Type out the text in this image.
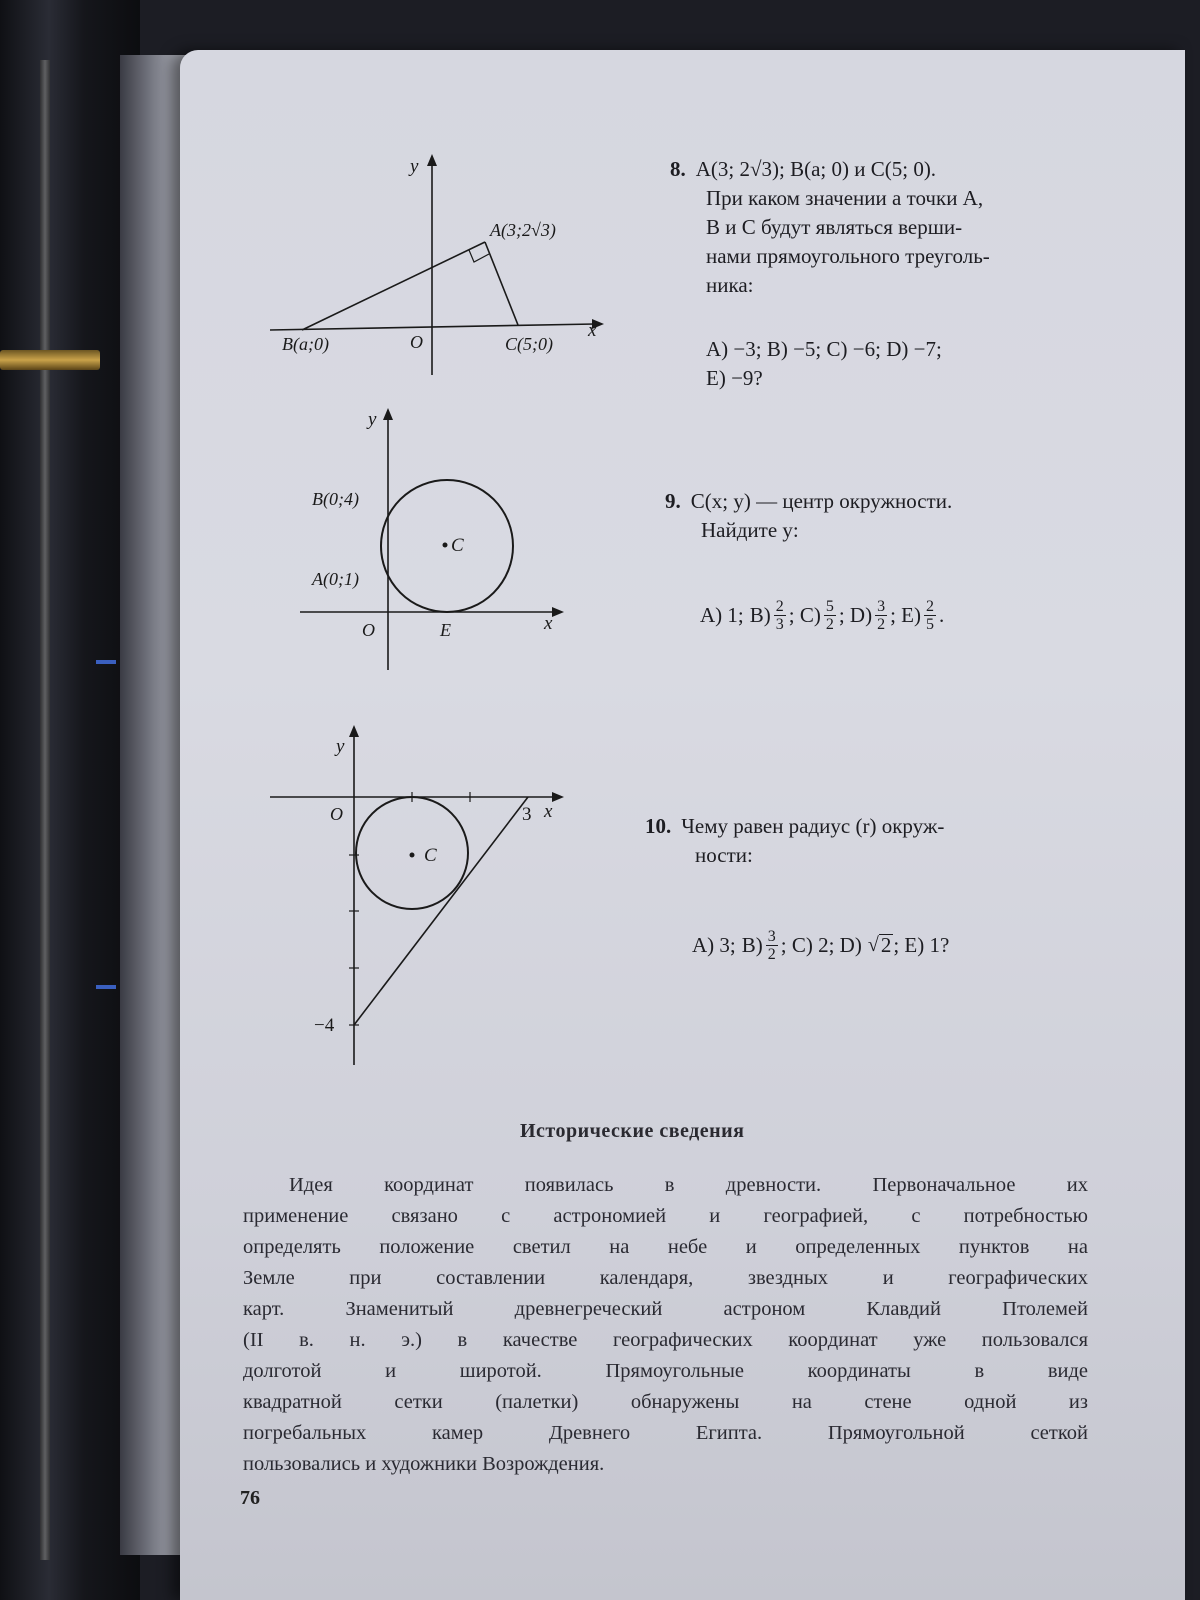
y
x
A(3;2√3)
B(a;0)	O	C(5;0)
8. A(3; 2√3); B(a; 0) и C(5; 0).
При каком значении a точки A,
B и C будут являться верши-
нами прямоугольного треуголь-
ника:
A) −3; B) −5; C) −6; D) −7;
E) −9?
y
x
B(0;4)
A(0;1)
C
O	E
9. C(x; y) — центр окружности.
Найдите y:
A) 1; $B) \frac{2}{3}$ ; $C) \frac{5}{2}$ ; $D) \frac{3}{2}$ ; $E) \frac{2}{5}$ .
y
x
O	3
C
−4
10. Чему равен радиус (r) окруж-
ности:
A) 3; $B) \frac{3}{2}$ ; C) 2; D) √ 2 ; E) 1?
Исторические сведения
Идея координат появилась в древности. Первоначальное их
применение связано с астрономией и географией, с потребностью
определять положение светил на небе и определенных пунктов на
Земле при составлении календаря, звездных и географических
карт. Знаменитый древнегреческий астроном Клавдий Птолемей
(II в. н. э.) в качестве географических координат уже пользовался
долготой и широтой. Прямоугольные координаты в виде
квадратной сетки (палетки) обнаружены на стене одной из
погребальных камер Древнего Египта. Прямоугольной сеткой
пользовались и художники Возрождения.
76
